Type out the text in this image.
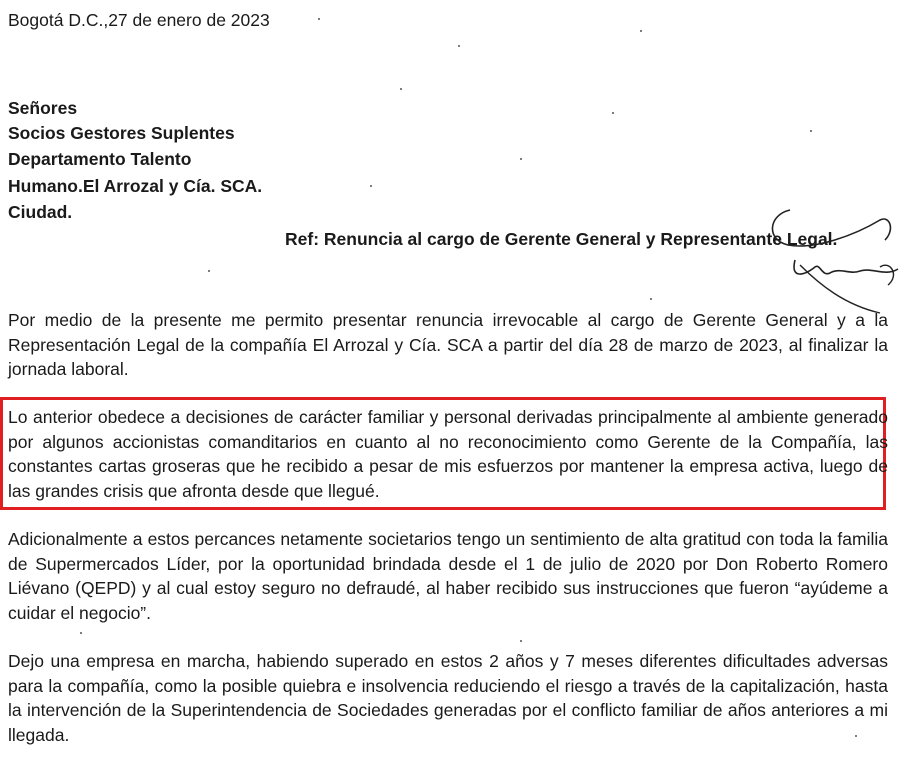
Bogotá D.C.,27 de enero de 2023
Señores
Socios Gestores Suplentes
Departamento Talento
Humano.El Arrozal y Cía. SCA.
Ciudad.
Ref: Renuncia al cargo de Gerente General y Representante Legal.
Por medio de la presente me permito presentar renuncia irrevocable al cargo de Gerente General y a la Representación Legal de la compañía El Arrozal y Cía. SCA a partir del día 28 de marzo de 2023, al finalizar la jornada laboral.
Lo anterior obedece a decisiones de carácter familiar y personal derivadas principalmente al ambiente generado por algunos accionistas comanditarios en cuanto al no reconocimiento como Gerente de la Compañía, las constantes cartas groseras que he recibido a pesar de mis esfuerzos por mantener la empresa activa, luego de las grandes crisis que afronta desde que llegué.
Adicionalmente a estos percances netamente societarios tengo un sentimiento de alta gratitud con toda la familia de Supermercados Líder, por la oportunidad brindada desde el 1 de julio de 2020 por Don Roberto Romero Liévano (QEPD) y al cual estoy seguro no defraudé, al haber recibido sus instrucciones que fueron “ayúdeme a cuidar el negocio”.
Dejo una empresa en marcha, habiendo superado en estos 2 años y 7 meses diferentes dificultades adversas para la compañía, como la posible quiebra e insolvencia reduciendo el riesgo a través de la capitalización, hasta la intervención de la Superintendencia de Sociedades generadas por el conflicto familiar de años anteriores a mi llegada.
